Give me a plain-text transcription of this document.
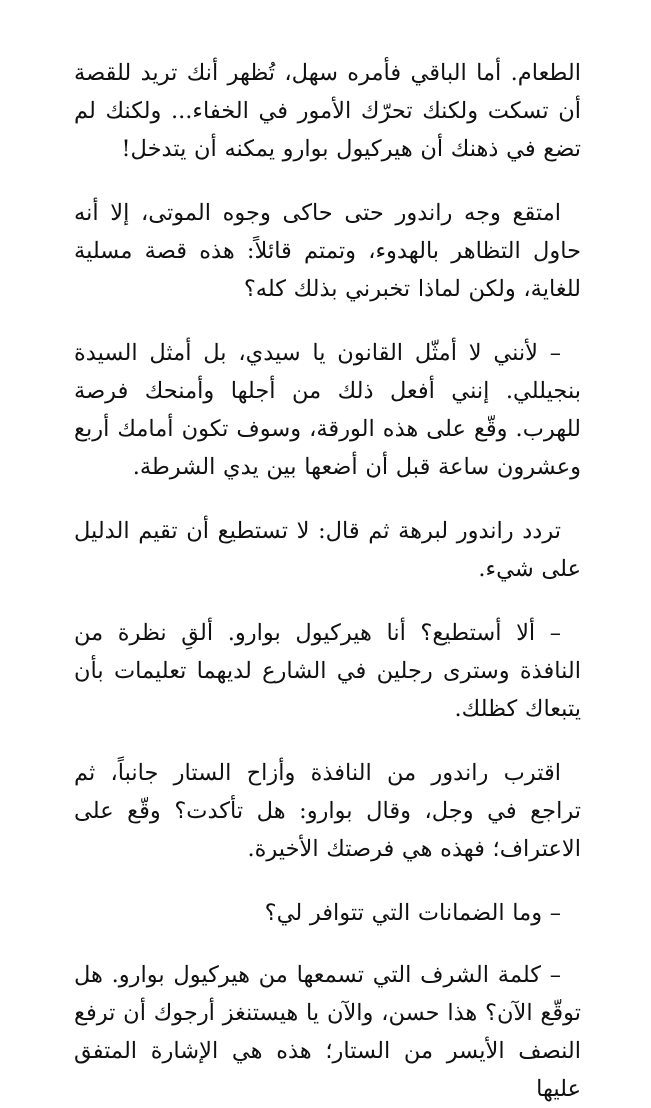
الطعام. أما الباقي فأمره سهل، تُظهر أنك تريد للقصة أن تسكت ولكنك تحرّك الأمور في الخفاء... ولكنك لم تضع في ذهنك أن هيركيول بوارو يمكنه أن يتدخل!

امتقع وجه راندور حتى حاكى وجوه الموتى، إلا أنه حاول التظاهر بالهدوء، وتمتم قائلاً: هذه قصة مسلية للغاية، ولكن لماذا تخبرني بذلك كله؟

– لأنني لا أمثّل القانون يا سيدي، بل أمثل السيدة بنجيللي. إنني أفعل ذلك من أجلها وأمنحك فرصة للهرب. وقّع على هذه الورقة، وسوف تكون أمامك أربع وعشرون ساعة قبل أن أضعها بين يدي الشرطة.

تردد راندور لبرهة ثم قال: لا تستطيع أن تقيم الدليل على شيء.

– ألا أستطيع؟ أنا هيركيول بوارو. ألقِ نظرة من النافذة وسترى رجلين في الشارع لديهما تعليمات بأن يتبعاك كظلك.

اقترب راندور من النافذة وأزاح الستار جانباً، ثم تراجع في وجل، وقال بوارو: هل تأكدت؟ وقّع على الاعتراف؛ فهذه هي فرصتك الأخيرة.

– وما الضمانات التي تتوافر لي؟

– كلمة الشرف التي تسمعها من هيركيول بوارو. هل توقّع الآن؟ هذا حسن، والآن يا هيستنغز أرجوك أن ترفع النصف الأيسر من الستار؛ هذه هي الإشارة المتفق عليها
